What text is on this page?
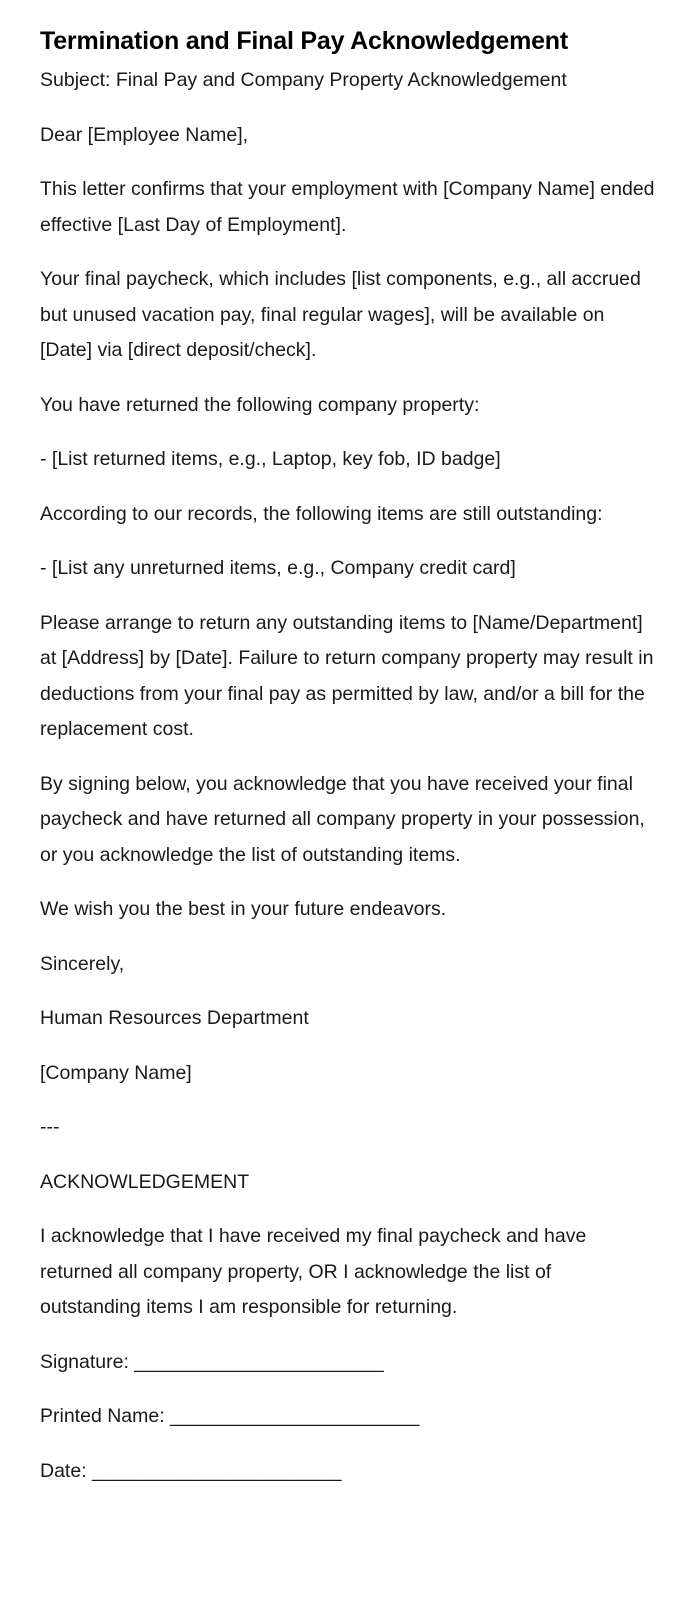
Termination and Final Pay Acknowledgement

Subject: Final Pay and Company Property Acknowledgement

Dear [Employee Name],

This letter confirms that your employment with [Company Name] ended effective [Last Day of Employment].

Your final paycheck, which includes [list components, e.g., all accrued but unused vacation pay, final regular wages], will be available on [Date] via [direct deposit/check].

You have returned the following company property:

- [List returned items, e.g., Laptop, key fob, ID badge]

According to our records, the following items are still outstanding:

- [List any unreturned items, e.g., Company credit card]

Please arrange to return any outstanding items to [Name/Department] at [Address] by [Date]. Failure to return company property may result in deductions from your final pay as permitted by law, and/or a bill for the replacement cost.

By signing below, you acknowledge that you have received your final paycheck and have returned all company property in your possession, or you acknowledge the list of outstanding items.

We wish you the best in your future endeavors.

Sincerely,

Human Resources Department

[Company Name]

---

ACKNOWLEDGEMENT

I acknowledge that I have received my final paycheck and have returned all company property, OR I acknowledge the list of outstanding items I am responsible for returning.

Signature: _______________________
Printed Name: _______________________
Date: _______________________
